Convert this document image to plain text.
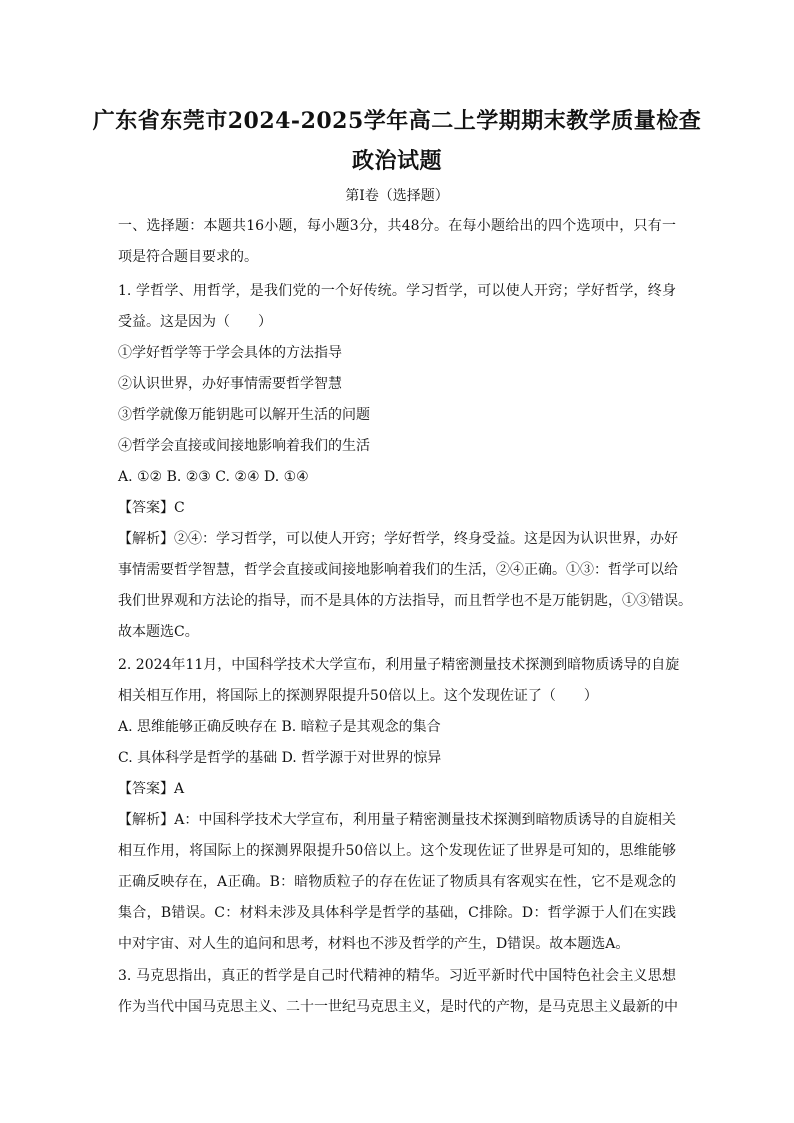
广东省东莞市2024-2025学年高二上学期期末教学质量检查
政治试题
第Ⅰ卷（选择题）
一、选择题：本题共16小题，每小题3分，共48分。在每小题给出的四个选项中，只有一
项是符合题目要求的。
1. 学哲学、用哲学，是我们党的一个好传统。学习哲学，可以使人开窍；学好哲学，终身
受益。这是因为（　　）
①学好哲学等于学会具体的方法指导
②认识世界，办好事情需要哲学智慧
③哲学就像万能钥匙可以解开生活的问题
④哲学会直接或间接地影响着我们的生活
A. ①② B. ②③ C. ②④ D. ①④
【答案】C
【解析】②④：学习哲学，可以使人开窍；学好哲学，终身受益。这是因为认识世界，办好
事情需要哲学智慧，哲学会直接或间接地影响着我们的生活，②④正确。①③：哲学可以给
我们世界观和方法论的指导，而不是具体的方法指导，而且哲学也不是万能钥匙，①③错误。
故本题选C。
2. 2024年11月，中国科学技术大学宣布，利用量子精密测量技术探测到暗物质诱导的自旋
相关相互作用，将国际上的探测界限提升50倍以上。这个发现佐证了（　　）
A. 思维能够正确反映存在 B. 暗粒子是其观念的集合
C. 具体科学是哲学的基础 D. 哲学源于对世界的惊异
【答案】A
【解析】A：中国科学技术大学宣布，利用量子精密测量技术探测到暗物质诱导的自旋相关
相互作用，将国际上的探测界限提升50倍以上。这个发现佐证了世界是可知的，思维能够
正确反映存在，A正确。B：暗物质粒子的存在佐证了物质具有客观实在性，它不是观念的
集合，B错误。C：材料未涉及具体科学是哲学的基础，C排除。D：哲学源于人们在实践
中对宇宙、对人生的追问和思考，材料也不涉及哲学的产生，D错误。故本题选A。
3. 马克思指出，真正的哲学是自己时代精神的精华。习近平新时代中国特色社会主义思想
作为当代中国马克思主义、二十一世纪马克思主义，是时代的产物，是马克思主义最新的中
